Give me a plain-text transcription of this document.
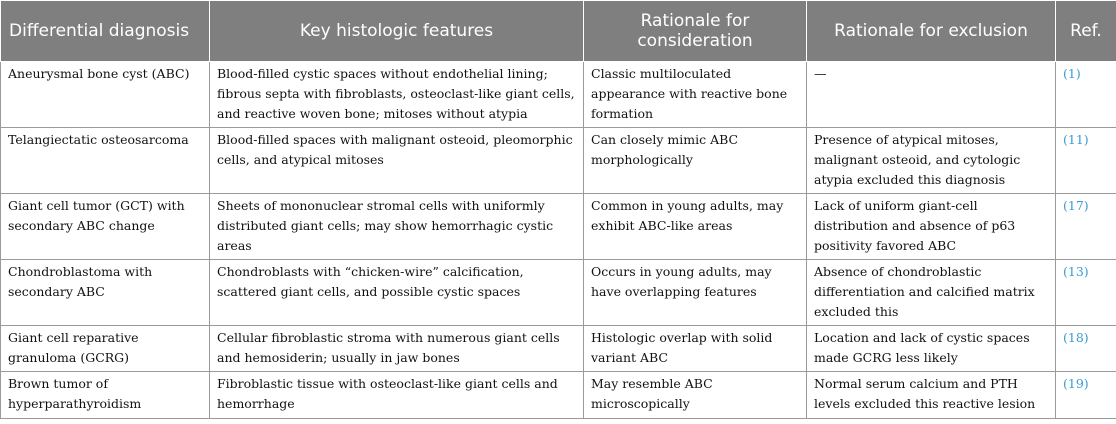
Differential diagnosis	Key histologic features	Rationale for consideration	Rationale for exclusion	Ref.
Aneurysmal bone cyst (ABC)	Blood-filled cystic spaces without endothelial lining; fibrous septa with fibroblasts, osteoclast-like giant cells, and reactive woven bone; mitoses without atypia	Classic multiloculated appearance with reactive bone formation	—	(1)
Telangiectatic osteosarcoma	Blood-filled spaces with malignant osteoid, pleomorphic cells, and atypical mitoses	Can closely mimic ABC morphologically	Presence of atypical mitoses, malignant osteoid, and cytologic atypia excluded this diagnosis	(11)
Giant cell tumor (GCT) with secondary ABC change	Sheets of mononuclear stromal cells with uniformly distributed giant cells; may show hemorrhagic cystic areas	Common in young adults, may exhibit ABC-like areas	Lack of uniform giant-cell distribution and absence of p63 positivity favored ABC	(17)
Chondroblastoma with secondary ABC	Chondroblasts with “chicken-wire” calcification, scattered giant cells, and possible cystic spaces	Occurs in young adults, may have overlapping features	Absence of chondroblastic differentiation and calcified matrix excluded this	(13)
Giant cell reparative granuloma (GCRG)	Cellular fibroblastic stroma with numerous giant cells and hemosiderin; usually in jaw bones	Histologic overlap with solid variant ABC	Location and lack of cystic spaces made GCRG less likely	(18)
Brown tumor of hyperparathyroidism	Fibroblastic tissue with osteoclast-like giant cells and hemorrhage	May resemble ABC microscopically	Normal serum calcium and PTH levels excluded this reactive lesion	(19)
